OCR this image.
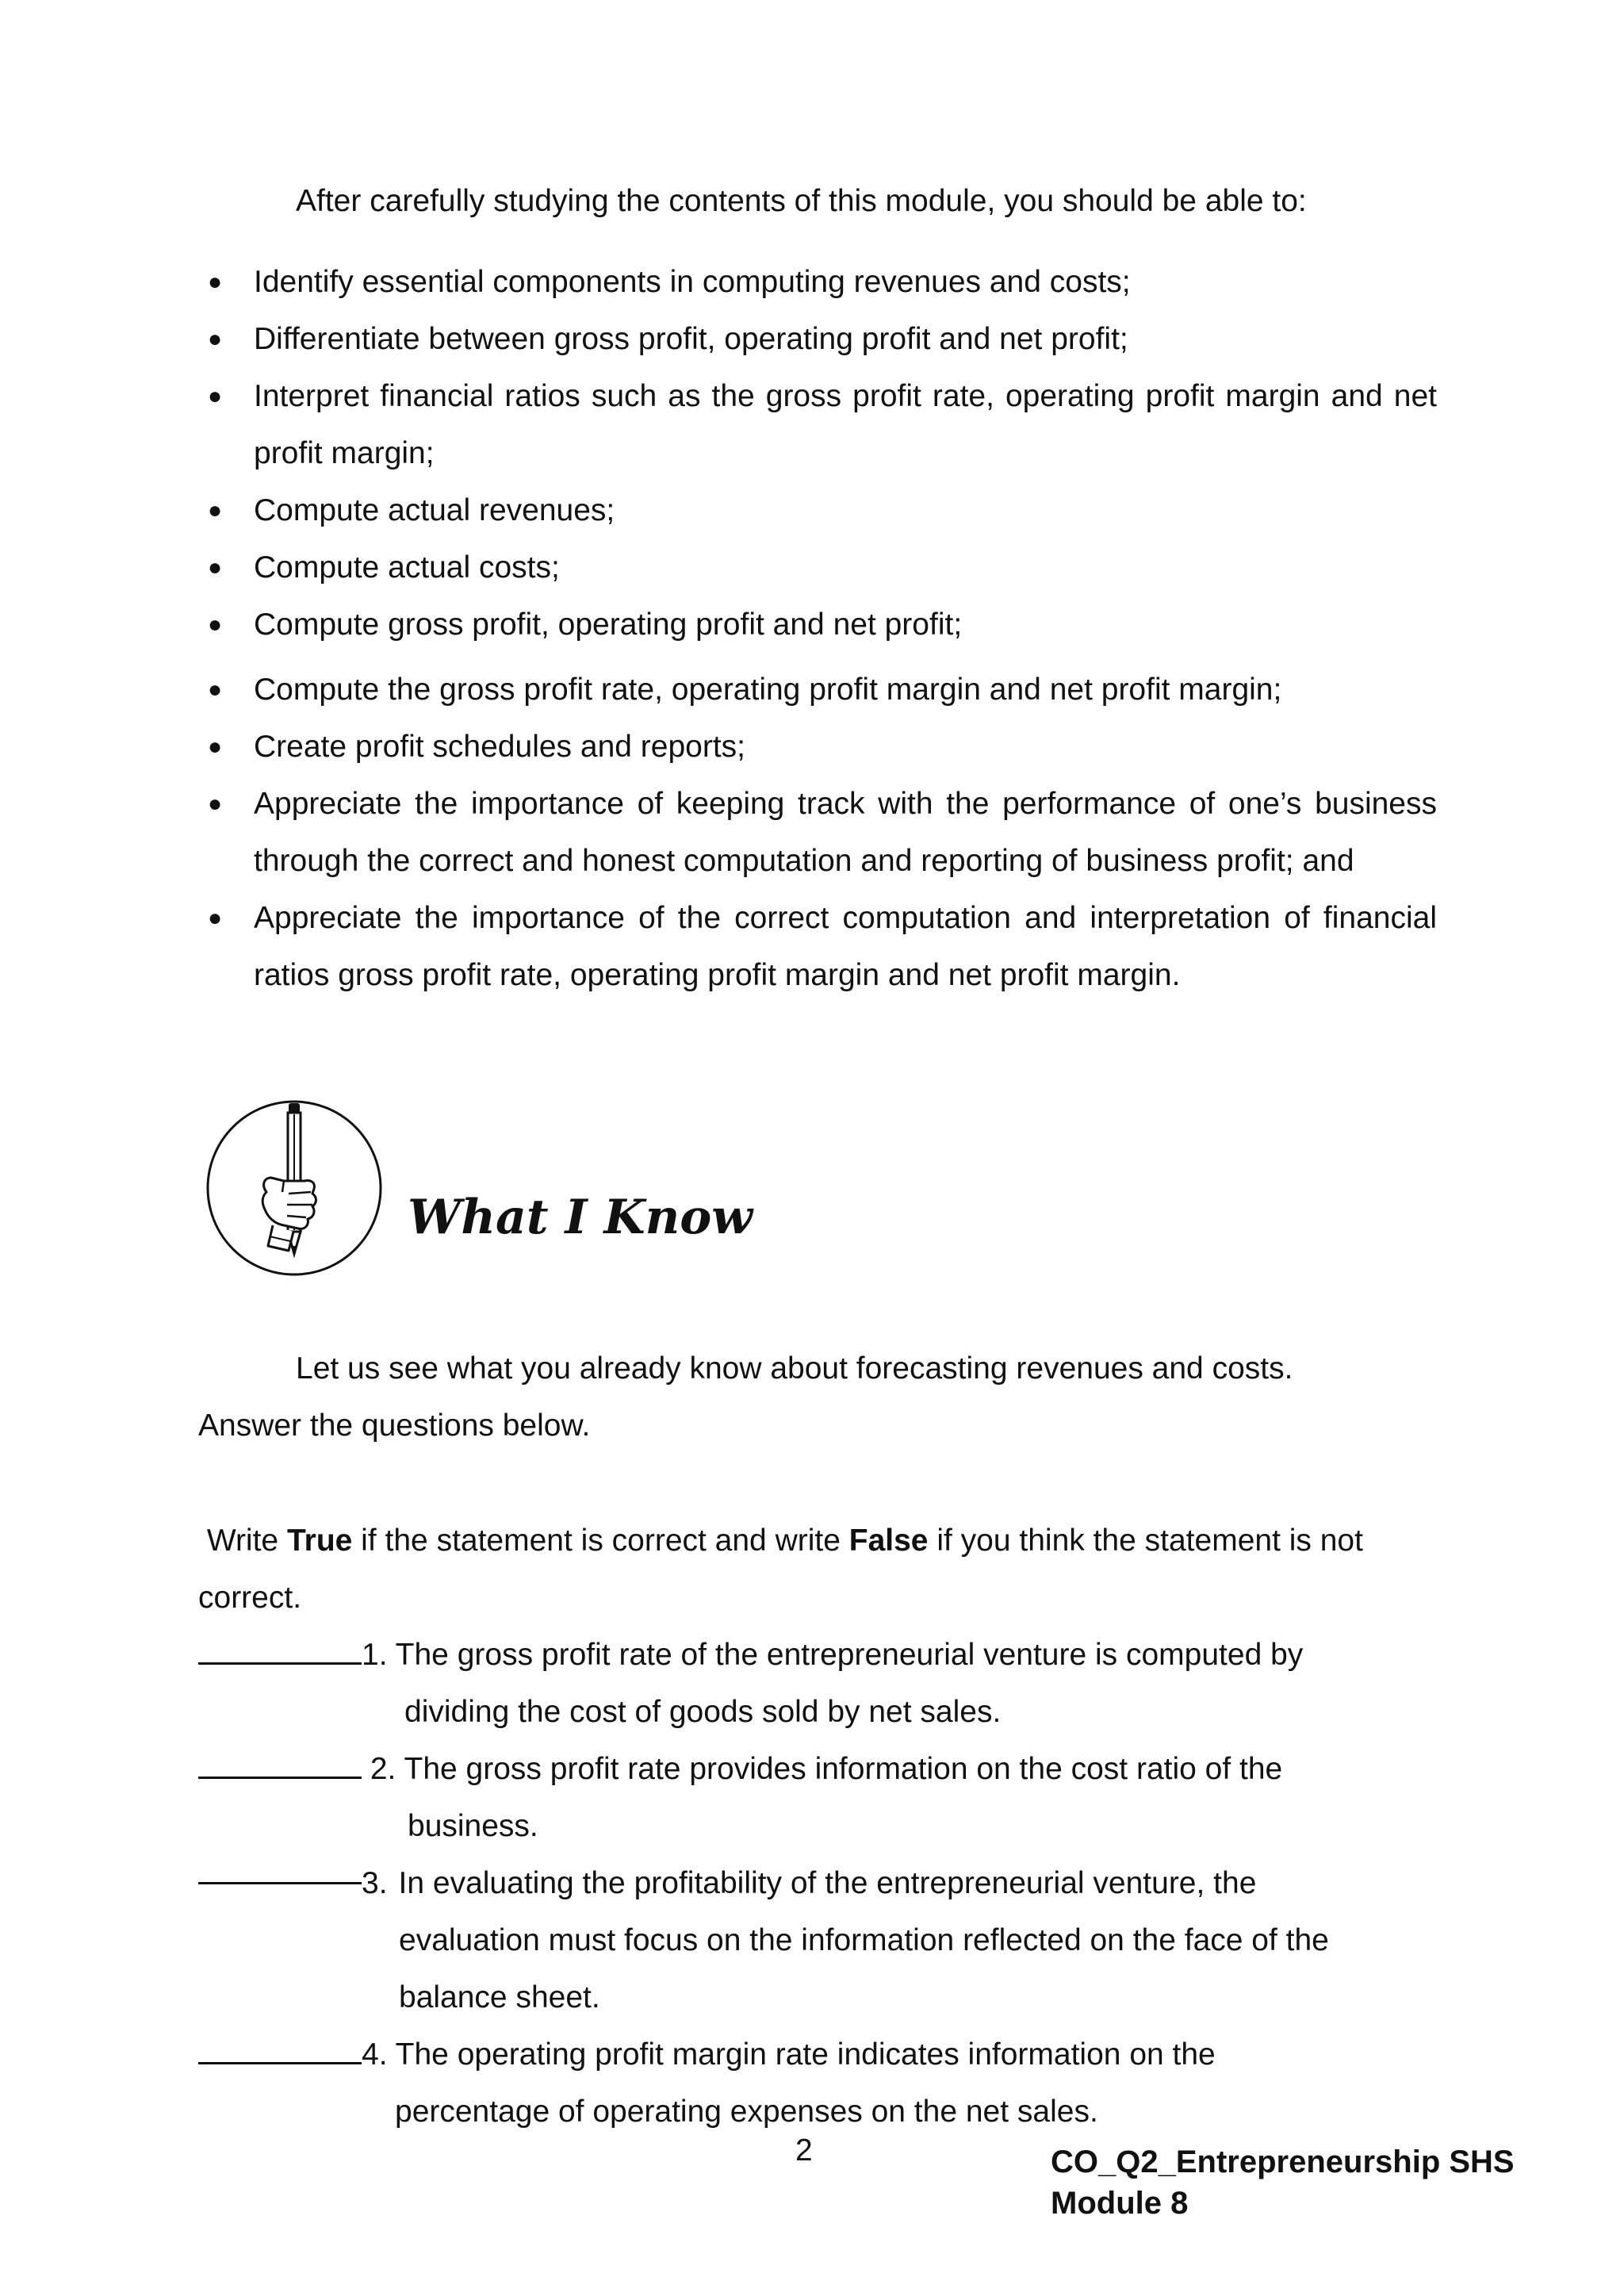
After carefully studying the contents of this module, you should be able to:
● Identify essential components in computing revenues and costs;
● Differentiate between gross profit, operating profit and net profit;
● Interpret financial ratios such as the gross profit rate, operating profit margin and net profit margin;
● Compute actual revenues;
● Compute actual costs;
● Compute gross profit, operating profit and net profit;
● Compute the gross profit rate, operating profit margin and net profit margin;
● Create profit schedules and reports;
● Appreciate the importance of keeping track with the performance of one’s business through the correct and honest computation and reporting of business profit; and
● Appreciate the importance of the correct computation and interpretation of financial ratios gross profit rate, operating profit margin and net profit margin.
What I Know
Let us see what you already know about forecasting revenues and costs.
Answer the questions below.
Write True if the statement is correct and write False if you think the statement is not
correct.
1. The gross profit rate of the entrepreneurial venture is computed by
dividing the cost of goods sold by net sales.
2. The gross profit rate provides information on the cost ratio of the
business.
3. In evaluating the profitability of the entrepreneurial venture, the
evaluation must focus on the information reflected on the face of the
balance sheet.
4. The operating profit margin rate indicates information on the
percentage of operating expenses on the net sales.
2	CO_Q2_Entrepreneurship SHS
Module 8
